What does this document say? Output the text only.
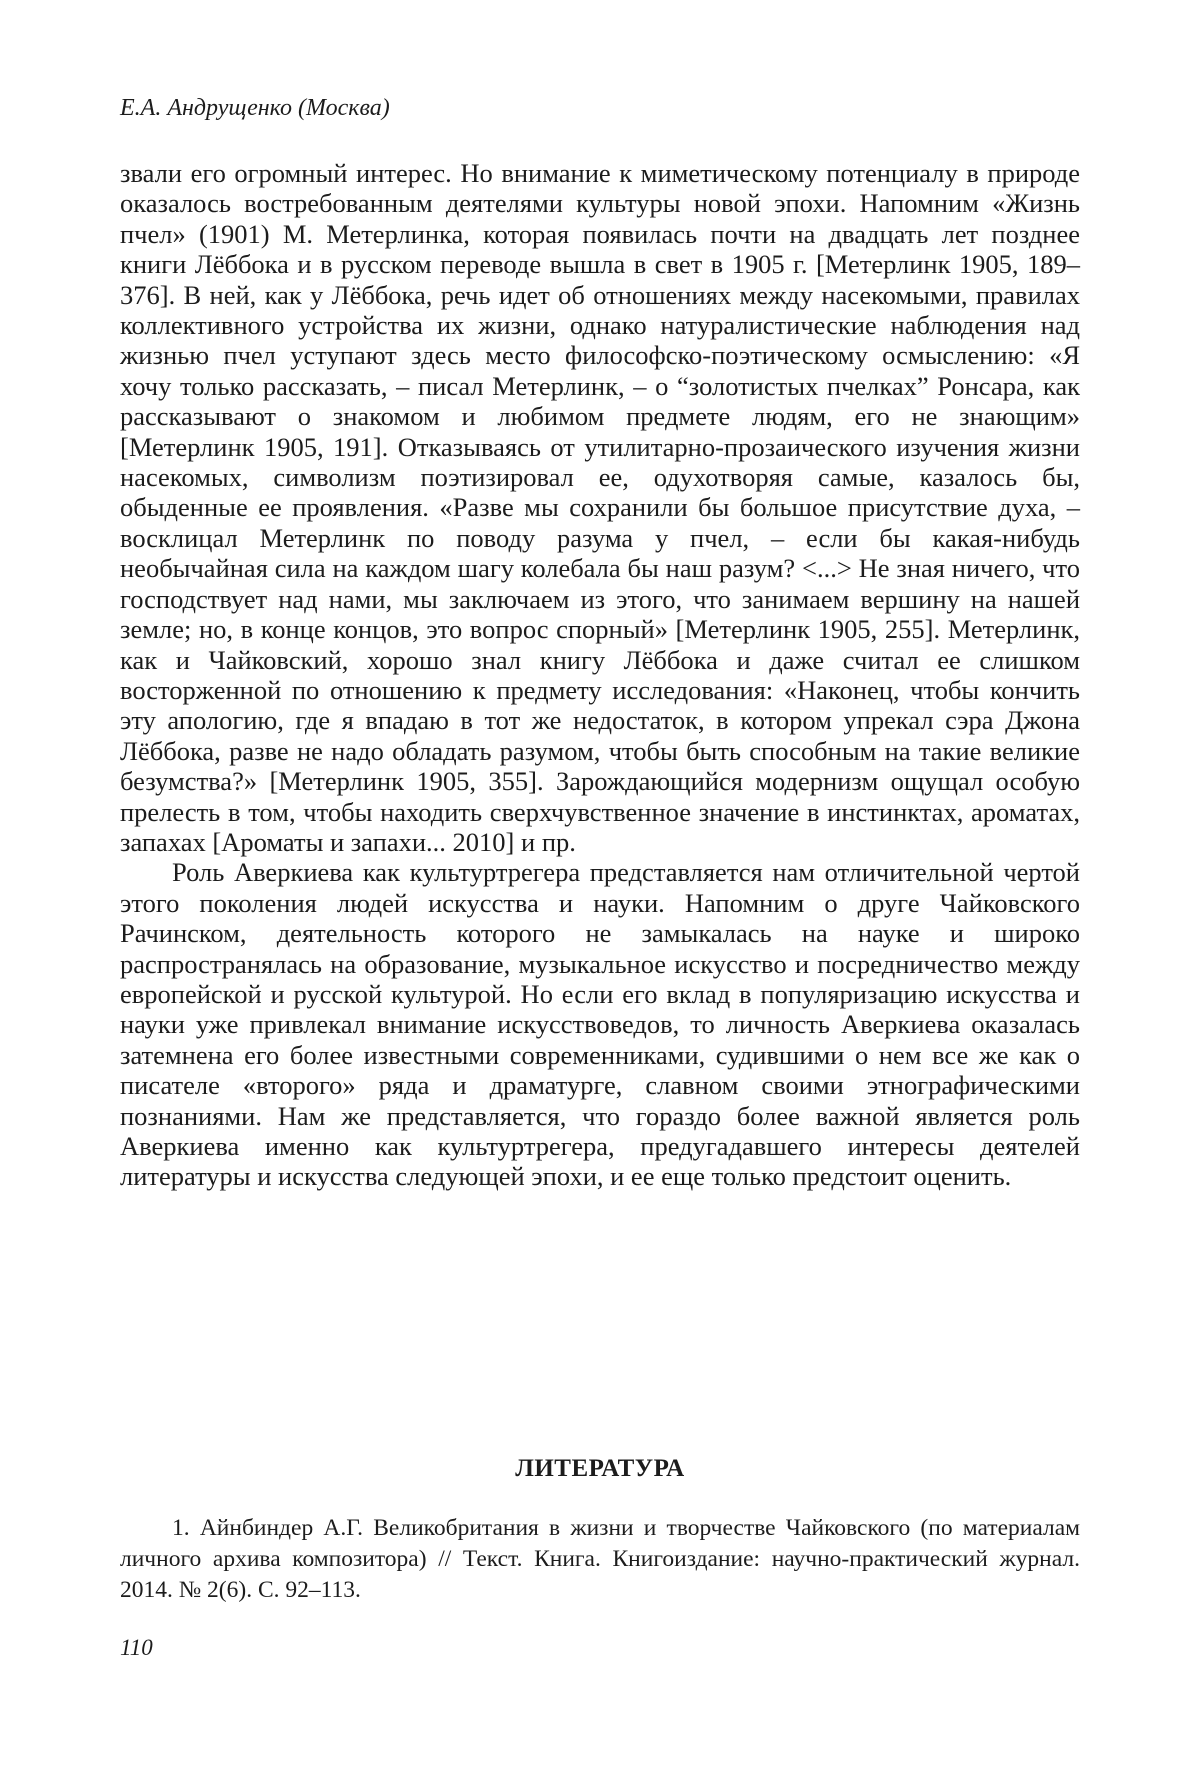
Е.А. Андрущенко (Москва)

звали его огромный интерес. Но внимание к миметическому потенциалу в природе оказалось востребованным деятелями культуры новой эпохи. Напомним «Жизнь пчел» (1901) М. Метерлинка, которая появилась почти на двадцать лет позднее книги Лёббока и в русском переводе вышла в свет в 1905 г. [Метерлинк 1905, 189–376]. В ней, как у Лёббока, речь идет об отношениях между насекомыми, правилах коллективного устройства их жизни, однако натуралистические наблюдения над жизнью пчел уступают здесь место философско-поэтическому осмыслению: «Я хочу только рассказать, – писал Метерлинк, – о “золотистых пчелках” Ронсара, как рассказывают о знакомом и любимом предмете людям, его не знающим» [Метерлинк 1905, 191]. Отказываясь от утилитарно-прозаического изучения жизни насекомых, символизм поэтизировал ее, одухотворяя самые, казалось бы, обыденные ее проявления. «Разве мы сохранили бы большое присутствие духа, – восклицал Метерлинк по поводу разума у пчел, – если бы какая-нибудь необычайная сила на каждом шагу колебала бы наш разум? <...> Не зная ничего, что господствует над нами, мы заключаем из этого, что занимаем вершину на нашей земле; но, в конце концов, это вопрос спорный» [Метерлинк 1905, 255]. Метерлинк, как и Чайковский, хорошо знал книгу Лёббока и даже считал ее слишком восторженной по отношению к предмету исследования: «Наконец, чтобы кончить эту апологию, где я впадаю в тот же недостаток, в котором упрекал сэра Джона Лёббока, разве не надо обладать разумом, чтобы быть способным на такие великие безумства?» [Метерлинк 1905, 355]. Зарождающийся модернизм ощущал особую прелесть в том, чтобы находить сверхчувственное значение в инстинктах, ароматах, запахах [Ароматы и запахи... 2010] и пр.

Роль Аверкиева как культуртрегера представляется нам отличительной чертой этого поколения людей искусства и науки. Напомним о друге Чайковского Рачинском, деятельность которого не замыкалась на науке и широко распространялась на образование, музыкальное искусство и посредничество между европейской и русской культурой. Но если его вклад в популяризацию искусства и науки уже привлекал внимание искусствоведов, то личность Аверкиева оказалась затемнена его более известными современниками, судившими о нем все же как о писателе «второго» ряда и драматурге, славном своими этнографическими познаниями. Нам же представляется, что гораздо более важной является роль Аверкиева именно как культуртрегера, предугадавшего интересы деятелей литературы и искусства следующей эпохи, и ее еще только предстоит оценить.

ЛИТЕРАТУРА

1. Айнбиндер А.Г. Великобритания в жизни и творчестве Чайковского (по материалам личного архива композитора) // Текст. Книга. Книгоиздание: научно-практический журнал. 2014. № 2(6). С. 92–113.

110
